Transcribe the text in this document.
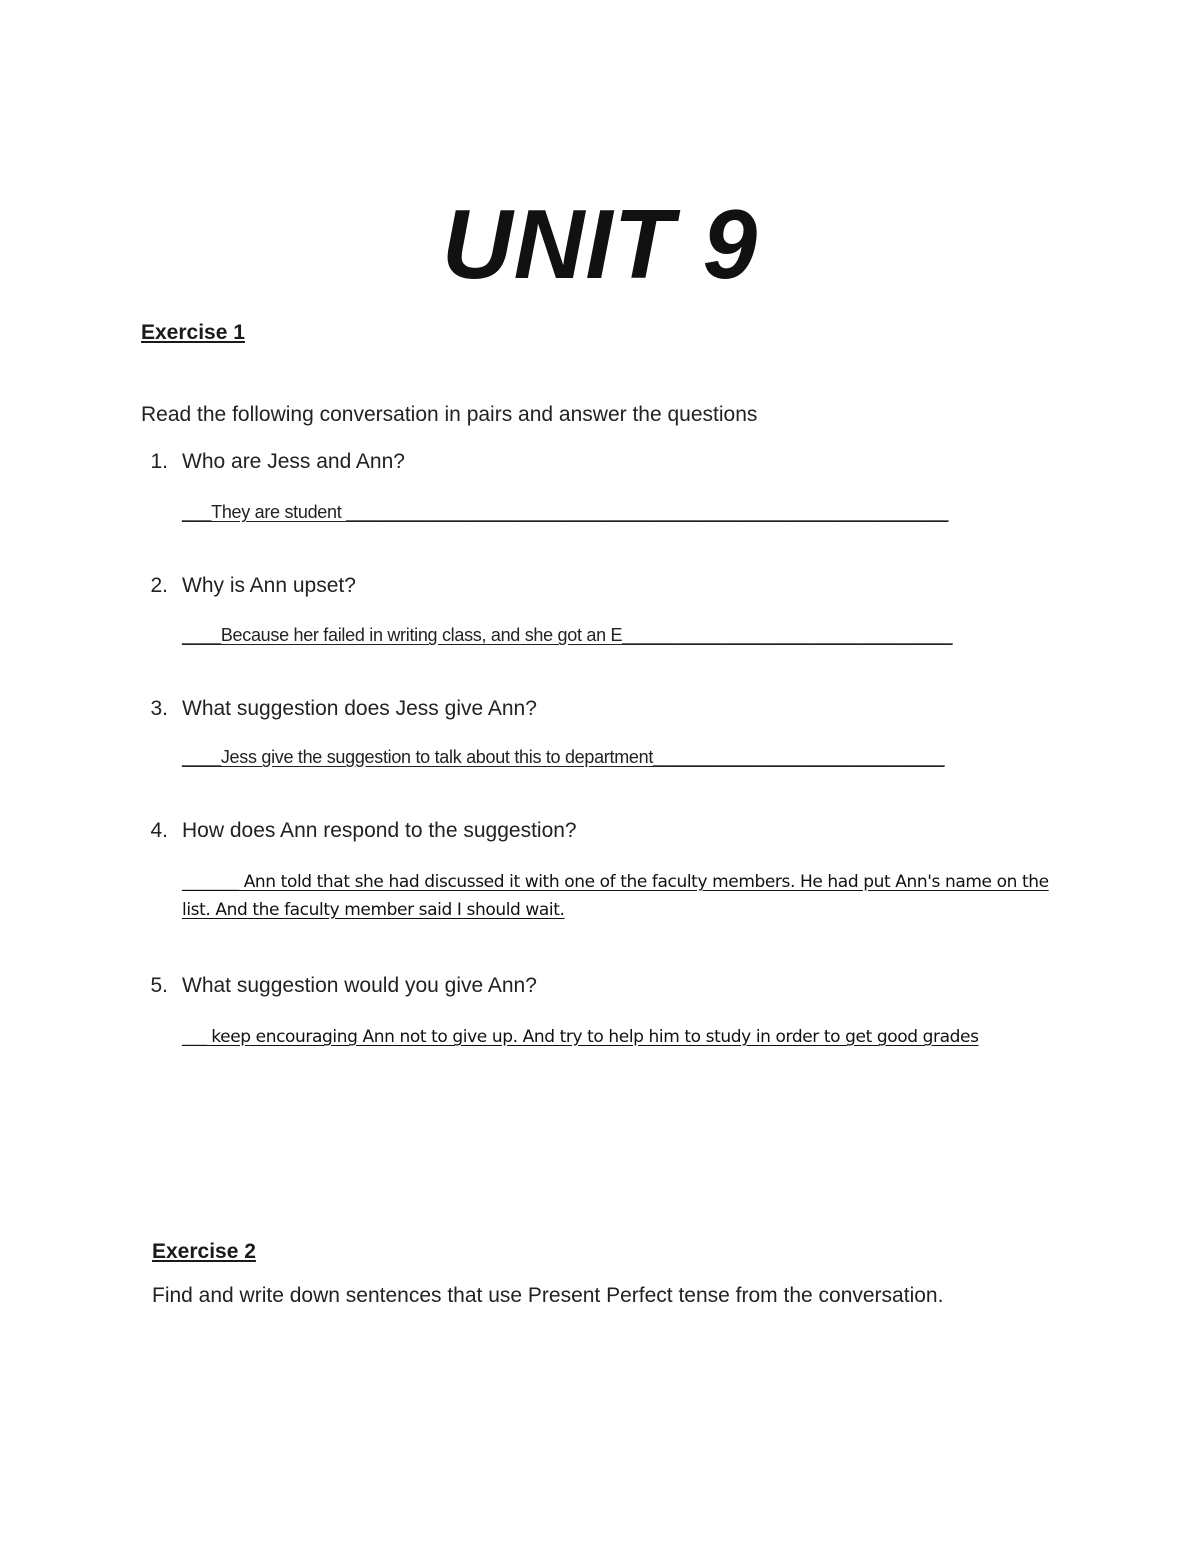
UNIT 9
Exercise 1
Read the following conversation in pairs and answer the questions
1. Who are Jess and Ann?
___They are student ______________________________________________________________
2. Why is Ann upset?
____Because her failed in writing class, and she got an E__________________________________
3. What suggestion does Jess give Ann?
____Jess give the suggestion to talk about this to department______________________________
4. How does Ann respond to the suggestion?
_______ Ann told that she had discussed it with one of the faculty members. He had put Ann's name on the list. And the faculty member said I should wait.
5. What suggestion would you give Ann?
___ keep encouraging Ann not to give up. And try to help him to study in order to get good grades
Exercise 2
Find and write down sentences that use Present Perfect tense from the conversation.
